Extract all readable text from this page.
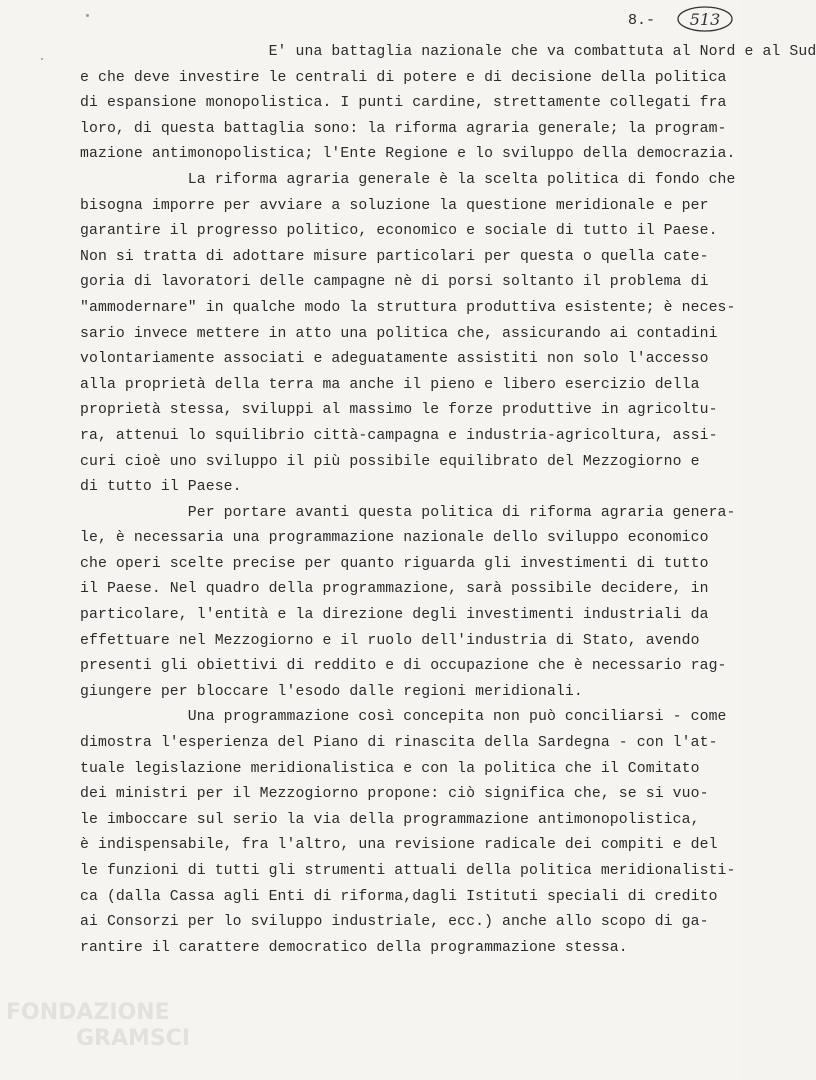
8.- 513
E' una battaglia nazionale che va combattuta al Nord e al Sud
e che deve investire le centrali di potere e di decisione della politica
di espansione monopolistica. I punti cardine, strettamente collegati fra
loro, di questa battaglia sono: la riforma agraria generale; la program-
mazione antimonopolistica; l'Ente Regione e lo sviluppo della democrazia.
La riforma agraria generale è la scelta politica di fondo che
bisogna imporre per avviare a soluzione la questione meridionale e per
garantire il progresso politico, economico e sociale di tutto il Paese.
Non si tratta di adottare misure particolari per questa o quella cate-
goria di lavoratori delle campagne nè di porsi soltanto il problema di
"ammodernare" in qualche modo la struttura produttiva esistente; è neces-
sario invece mettere in atto una politica che, assicurando ai contadini
volontariamente associati e adeguatamente assistiti non solo l'accesso
alla proprietà della terra ma anche il pieno e libero esercizio della
proprietà stessa, sviluppi al massimo le forze produttive in agricoltu-
ra, attenui lo squilibrio città-campagna e industria-agricoltura, assi-
curi cioè uno sviluppo il più possibile equilibrato del Mezzogiorno e
di tutto il Paese.
Per portare avanti questa politica di riforma agraria genera-
le, è necessaria una programmazione nazionale dello sviluppo economico
che operi scelte precise per quanto riguarda gli investimenti di tutto
il Paese. Nel quadro della programmazione, sarà possibile decidere, in
particolare, l'entità e la direzione degli investimenti industriali da
effettuare nel Mezzogiorno e il ruolo dell'industria di Stato, avendo
presenti gli obiettivi di reddito e di occupazione che è necessario rag-
giungere per bloccare l'esodo dalle regioni meridionali.
Una programmazione così concepita non può conciliarsi - come
dimostra l'esperienza del Piano di rinascita della Sardegna - con l'at-
tuale legislazione meridionalistica e con la politica che il Comitato
dei ministri per il Mezzogiorno propone: ciò significa che, se si vuo-
le imboccare sul serio la via della programmazione antimonopolistica,
è indispensabile, fra l'altro, una revisione radicale dei compiti e del
le funzioni di tutti gli strumenti attuali della politica meridionalisti-
ca (dalla Cassa agli Enti di riforma,dagli Istituti speciali di credito
ai Consorzi per lo sviluppo industriale, ecc.) anche allo scopo di ga-
rantire il carattere democratico della programmazione stessa.
FONDAZIONE
GRAMSCI
